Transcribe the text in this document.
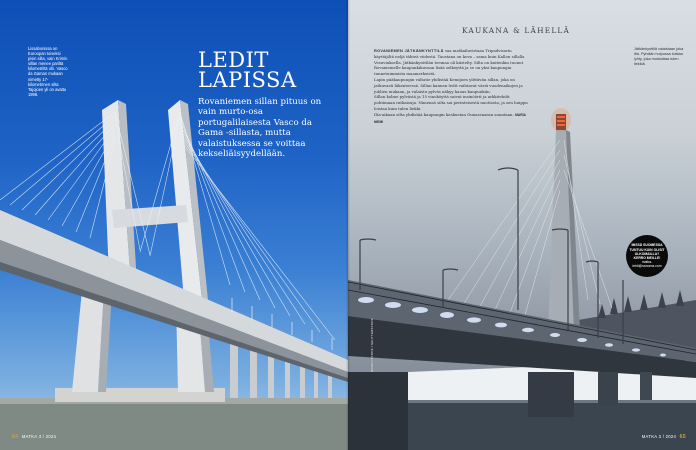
Lissabonissa on Euroopan toiseksi pisin silta, vain Krimin sillan menee pariltä kilometriltä ohi. Vasco da Gaman mukaan nimetty 17-kilometrinen silta Tajojoen yli on avattu 1998.
LEDIT
LAPISSA
Rovaniemen sillan pituus on vain murto-osa portugalilaisesta Vasco da Gama -sillasta, mutta valaistuksessa se voittaa kekseliäisyydellään.
64 MATKA 3 / 2024
KAUKANA & LÄHELLÄ

ROVANIEMEN JÄTKÄNKYNTTILÄ saa matkailuvirtaan Tripadvisorin käyttäjiltä neljä tähteä viidestä. Taustana on kova – sama kuin Kallon sillalla Vesuviuksella. Jätkänkynttilän teemaa oli kiistelty. Silta on kuitenkin tuonut Rovaniemelle kaupunkikuvaan lisää selkeyttä ja se on yksi kaupungin tunnetuimmista maamerkeistä.

Lapin pääkaupungin valtatie yhdistää Kemijoen ylittävän sillan, joka on jatkuvasti liikenteessä. Sillan kannen ledit vaihtavat väriä vuodenaikojen ja juhlien mukaan, ja valaistu pylväs näkyy kauas kaupunkiin.

Sillan kolme pylvästä ja 15 vinoköyttä saivat insinöörit ja arkkitehdit pohtimaan ratkaisuja. Nimensä silta sai perinteisestä nuotiosta, ja sen huippu loistaa kuin tulen liekki.

Ilta-aikaan silta yhdistää kaupungin keskustan Ounasvaaran suuntaan. MARIA NIEMI

Jätkänkynttilä valaistaan joka ilta. Pylvään huipussa loistaa lyhty, joka muistuttaa tulen liekkiä.
MISSÄ SUOMESSA TUNTUU KUIN OLISIT ULKOMAILLA? KERRO MEILLE!
matka-lehti@sanoma.com
KUVAT ISTOCK / SHUTTERSTOCK
MATKA 3 / 2024 65
